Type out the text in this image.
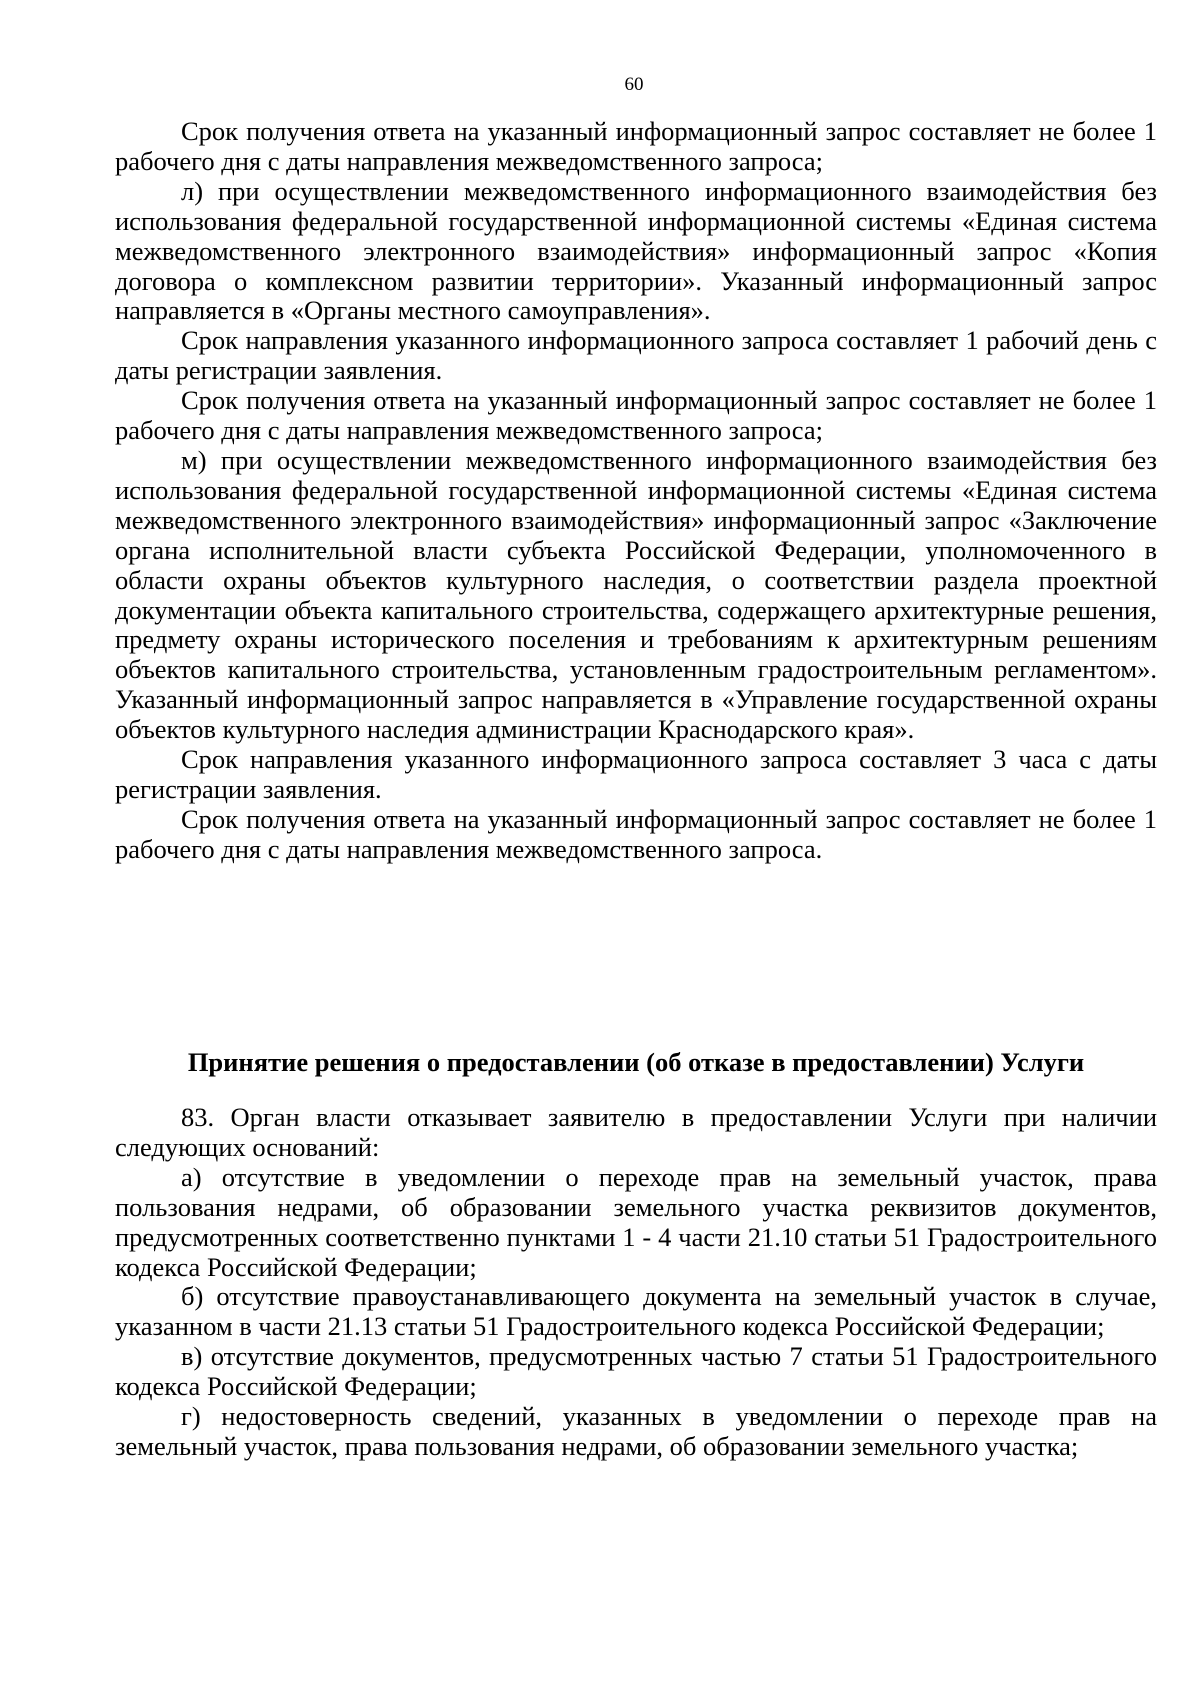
60

Срок получения ответа на указанный информационный запрос составляет не более 1 рабочего дня с даты направления межведомственного запроса;

л) при осуществлении межведомственного информационного взаимодействия без использования федеральной государственной информационной системы «Единая система межведомственного электронного взаимодействия» информационный запрос «Копия договора о комплексном развитии территории». Указанный информационный запрос направляется в «Органы местного самоуправления».

Срок направления указанного информационного запроса составляет 1 рабочий день с даты регистрации заявления.

Срок получения ответа на указанный информационный запрос составляет не более 1 рабочего дня с даты направления межведомственного запроса;

м) при осуществлении межведомственного информационного взаимодействия без использования федеральной государственной информационной системы «Единая система межведомственного электронного взаимодействия» информационный запрос «Заключение органа исполнительной власти субъекта Российской Федерации, уполномоченного в области охраны объектов культурного наследия, о соответствии раздела проектной документации объекта капитального строительства, содержащего архитектурные решения, предмету охраны исторического поселения и требованиям к архитектурным решениям объектов капитального строительства, установленным градостроительным регламентом». Указанный информационный запрос направляется в «Управление государственной охраны объектов культурного наследия администрации Краснодарского края».

Срок направления указанного информационного запроса составляет 3 часа с даты регистрации заявления.

Срок получения ответа на указанный информационный запрос составляет не более 1 рабочего дня с даты направления межведомственного запроса.

Принятие решения о предоставлении (об отказе в предоставлении) Услуги

83. Орган власти отказывает заявителю в предоставлении Услуги при наличии следующих оснований:

а) отсутствие в уведомлении о переходе прав на земельный участок, права пользования недрами, об образовании земельного участка реквизитов документов, предусмотренных соответственно пунктами 1 - 4 части 21.10 статьи 51 Градостроительного кодекса Российской Федерации;

б) отсутствие правоустанавливающего документа на земельный участок в случае, указанном в части 21.13 статьи 51 Градостроительного кодекса Российской Федерации;

в) отсутствие документов, предусмотренных частью 7 статьи 51 Градостроительного кодекса Российской Федерации;

г) недостоверность сведений, указанных в уведомлении о переходе прав на земельный участок, права пользования недрами, об образовании земельного участка;
